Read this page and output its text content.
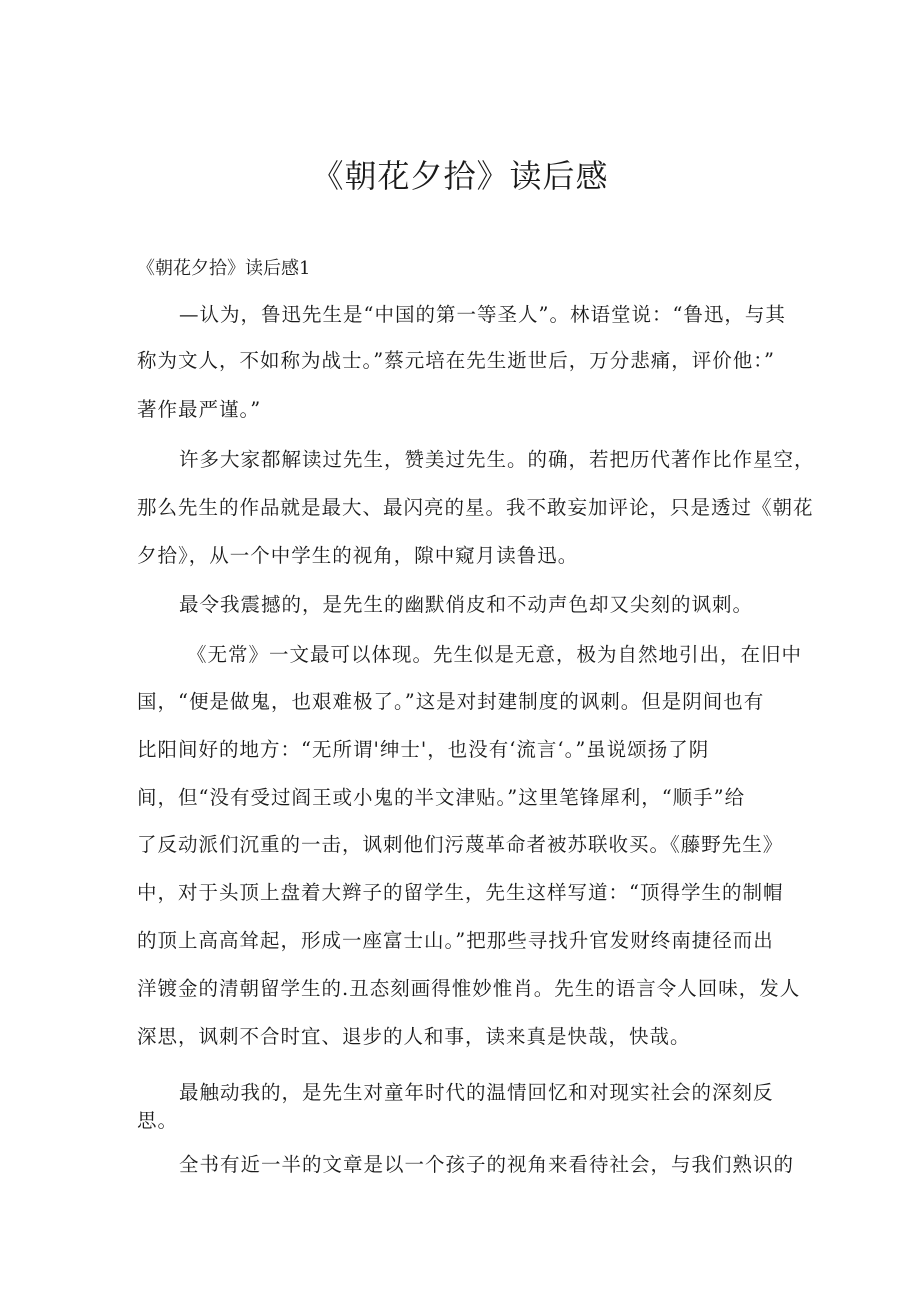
《朝花夕拾》读后感

《朝花夕拾》读后感1

—认为，鲁迅先生是“中国的第一等圣人”。林语堂说：“鲁迅，与其

称为文人，不如称为战士。”蔡元培在先生逝世后，万分悲痛，评价他：”

著作最严谨。”

许多大家都解读过先生，赞美过先生。的确，若把历代著作比作星空，

那么先生的作品就是最大、最闪亮的星。我不敢妄加评论，只是透过《朝花

夕拾》，从一个中学生的视角，隙中窥月读鲁迅。

最令我震撼的，是先生的幽默俏皮和不动声色却又尖刻的讽刺。

《无常》一文最可以体现。先生似是无意，极为自然地引出，在旧中

国，“便是做鬼，也艰难极了。”这是对封建制度的讽刺。但是阴间也有

比阳间好的地方：“无所谓'绅士'，也没有‘流言‘。”虽说颂扬了阴

间，但“没有受过阎王或小鬼的半文津贴。”这里笔锋犀利，“顺手”给

了反动派们沉重的一击，讽刺他们污蔑革命者被苏联收买。《藤野先生》

中，对于头顶上盘着大辫子的留学生，先生这样写道：“顶得学生的制帽

的顶上高高耸起，形成一座富士山。”把那些寻找升官发财终南捷径而出

洋镀金的清朝留学生的.丑态刻画得惟妙惟肖。先生的语言令人回味，发人

深思，讽刺不合时宜、退步的人和事，读来真是快哉，快哉。

最触动我的，是先生对童年时代的温情回忆和对现实社会的深刻反

思。

全书有近一半的文章是以一个孩子的视角来看待社会，与我们熟识的
